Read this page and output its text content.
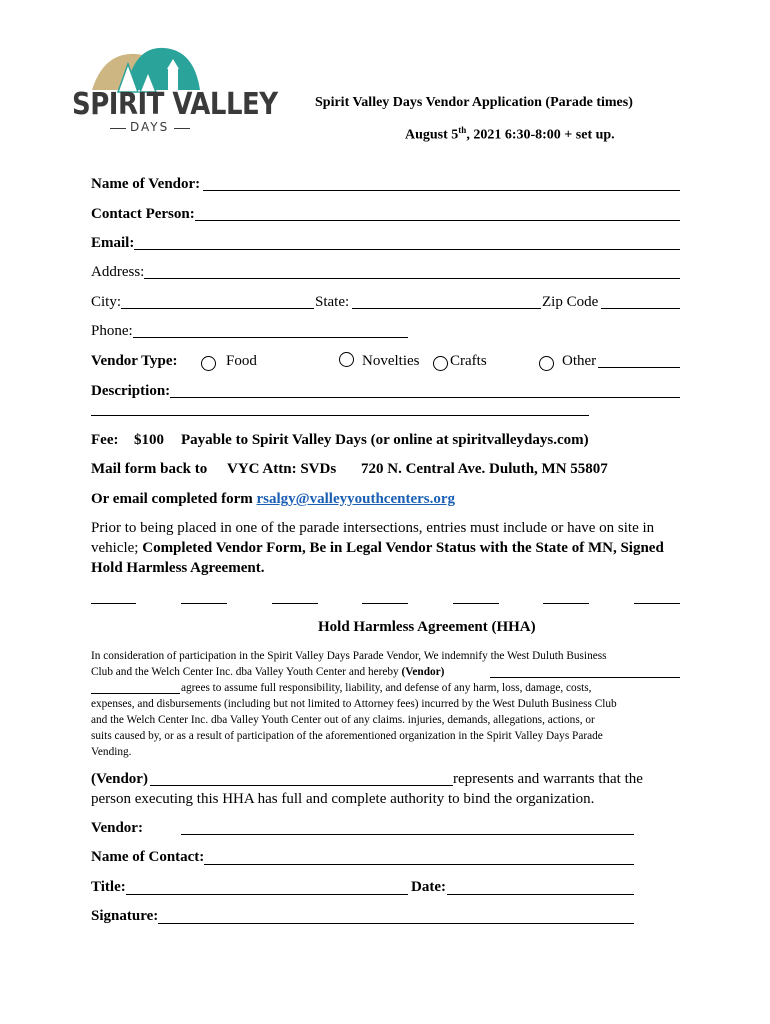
SPIRIT VALLEY
DAYS
Spirit Valley Days Vendor Application (Parade times)
August 5th, 2021 6:30-8:00 + set up.
Name of Vendor:
Contact Person:
Email:
Address:
City:	State:	Zip Code
Phone:
Vendor Type:	Food	Novelties Crafts	Other
Description:
Fee: $100 Payable to Spirit Valley Days (or online at spiritvalleydays.com)
Mail form back to VYC Attn: SVDs 720 N. Central Ave. Duluth, MN 55807
Or email completed form rsalgy@valleyyouthcenters.org
Prior to being placed in one of the parade intersections, entries must include or have on site in
vehicle; Completed Vendor Form, Be in Legal Vendor Status with the State of MN, Signed
Hold Harmless Agreement.
Hold Harmless Agreement (HHA)
In consideration of participation in the Spirit Valley Days Parade Vendor, We indemnify the West Duluth Business
Club and the Welch Center Inc. dba Valley Youth Center and hereby (Vendor)
agrees to assume full responsibility, liability, and defense of any harm, loss, damage, costs,
expenses, and disbursements (including but not limited to Attorney fees) incurred by the West Duluth Business Club
and the Welch Center Inc. dba Valley Youth Center out of any claims. injuries, demands, allegations, actions, or
suits caused by, or as a result of participation of the aforementioned organization in the Spirit Valley Days Parade
Vending.
(Vendor)	represents and warrants that the
person executing this HHA has full and complete authority to bind the organization.
Vendor:
Name of Contact:
Title:	Date:
Signature:
